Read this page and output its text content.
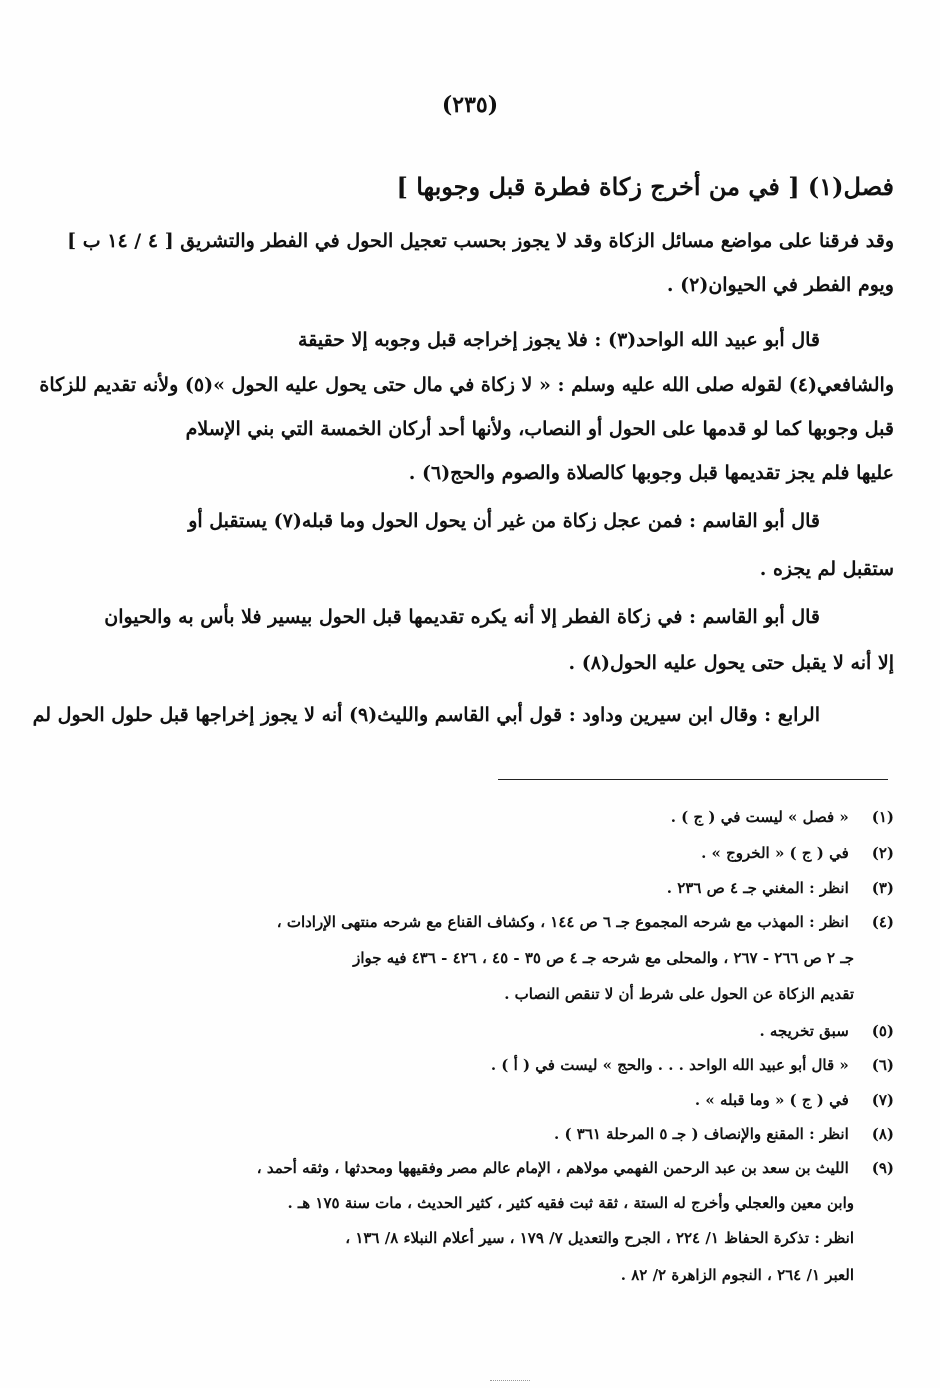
(٢٣٥)
فصل(١) [ في من أخرج زكاة فطرة قبل وجوبها ]
وقد فرقنا على مواضع مسائل الزكاة وقد لا يجوز بحسب تعجيل الحول في الفطر والتشريق [ ٤ / ١٤ ب ]
ويوم الفطر في الحيوان(٢) .
قال أبو عبيد الله الواحد(٣) : فلا يجوز إخراجه قبل وجوبه إلا حقيقة
والشافعي(٤) لقوله صلى الله عليه وسلم : « لا زكاة في مال حتى يحول عليه الحول »(٥) ولأنه تقديم للزكاة
قبل وجوبها كما لو قدمها على الحول أو النصاب، ولأنها أحد أركان الخمسة التي بني الإسلام
عليها فلم يجز تقديمها قبل وجوبها كالصلاة والصوم والحج(٦) .
قال أبو القاسم : فمن عجل زكاة من غير أن يحول الحول وما قبله(٧) يستقبل أو
ستقبل لم يجزه .
قال أبو القاسم : في زكاة الفطر إلا أنه يكره تقديمها قبل الحول بيسير فلا بأس به والحيوان
إلا أنه لا يقبل حتى يحول عليه الحول(٨) .
الرابع : وقال ابن سيرين وداود : قول أبي القاسم والليث(٩) أنه لا يجوز إخراجها قبل حلول الحول لم
(١) « فصل » ليست في ( ج ) .
(٢) في ( ج ) « الخروج » .
(٣) انظر : المغني جـ ٤ ص ٢٣٦ .
(٤) انظر : المهذب مع شرحه المجموع جـ ٦ ص ١٤٤ ، وكشاف القناع مع شرحه منتهى الإرادات ،
جـ ٢ ص ٢٦٦ - ٢٦٧ ، والمحلى مع شرحه جـ ٤ ص ٣٥ - ٤٥ ، ٤٢٦ - ٤٣٦ فيه جواز
تقديم الزكاة عن الحول على شرط أن لا تنقص النصاب .
(٥) سبق تخريجه .
(٦) « قال أبو عبيد الله الواحد . . . والحج » ليست في ( أ ) .
(٧) في ( ج ) « وما قبله » .
(٨) انظر : المقنع والإنصاف ( جـ ٥ المرحلة ٣٦١ ) .
(٩) الليث بن سعد بن عبد الرحمن الفهمي مولاهم ، الإمام عالم مصر وفقيهها ومحدثها ، وثقه أحمد ،
وابن معين والعجلي وأخرج له الستة ، ثقة ثبت فقيه كثير ، كثير الحديث ، مات سنة ١٧٥ هـ .
انظر : تذكرة الحفاظ ١/ ٢٢٤ ، الجرح والتعديل ٧/ ١٧٩ ، سير أعلام النبلاء ٨/ ١٣٦ ،
العبر ١/ ٢٦٤ ، النجوم الزاهرة ٢/ ٨٢ .
